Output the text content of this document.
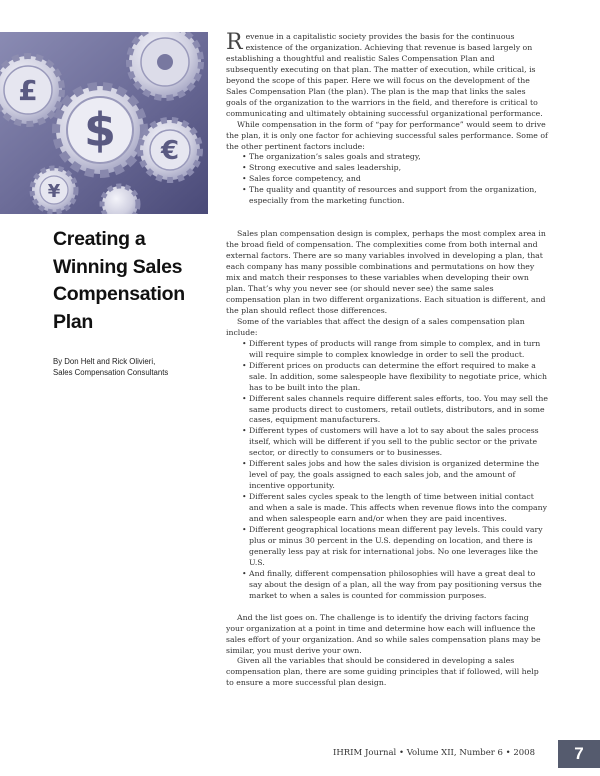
£
$ €
¥
Creating a
Winning Sales
Compensation
Plan
By Don Helt and Rick Olivieri,
Sales Compensation Consultants

Revenue in a capitalistic society provides the basis for the continuous existence of the organization. Achieving that revenue is based largely on establishing a thoughtful and realistic Sales Compensation Plan and subsequently executing on that plan. The matter of execution, while critical, is beyond the scope of this paper. Here we will focus on the development of the Sales Compensation Plan (the plan). The plan is the map that links the sales goals of the organization to the warriors in the field, and therefore is critical to communicating and ultimately obtaining successful organizational performance.

While compensation in the form of “pay for performance” would seem to drive the plan, it is only one factor for achieving successful sales performance. Some of the other pertinent factors include:

• The organization’s sales goals and strategy,
• Strong executive and sales leadership,
• Sales force competency, and
• The quality and quantity of resources and support from the organization, especially from the marketing function.

Sales plan compensation design is complex, perhaps the most complex area in the broad field of compensation. The complexities come from both internal and external factors. There are so many variables involved in developing a plan, that each company has many possible combinations and permutations on how they mix and match their responses to these variables when developing their own plan. That’s why you never see (or should never see) the same sales compensation plan in two different organizations. Each situation is different, and the plan should reflect those differences.

Some of the variables that affect the design of a sales compensation plan include:

• Different types of products will range from simple to complex, and in turn will require simple to complex knowledge in order to sell the product.
• Different prices on products can determine the effort required to make a sale. In addition, some salespeople have flexibility to negotiate price, which has to be built into the plan.
• Different sales channels require different sales efforts, too. You may sell the same products direct to customers, retail outlets, distributors, and in some cases, equipment manufacturers.
• Different types of customers will have a lot to say about the sales process itself, which will be different if you sell to the public sector or the private sector, or directly to consumers or to businesses.
• Different sales jobs and how the sales division is organized determine the level of pay, the goals assigned to each sales job, and the amount of incentive opportunity.
• Different sales cycles speak to the length of time between initial contact and when a sale is made. This affects when revenue flows into the company and when salespeople earn and/or when they are paid incentives.
• Different geographical locations mean different pay levels. This could vary plus or minus 30 percent in the U.S. depending on location, and there is generally less pay at risk for international jobs. No one leverages like the U.S.
• And finally, different compensation philosophies will have a great deal to say about the design of a plan, all the way from pay positioning versus the market to when a sales is counted for commission purposes.

And the list goes on. The challenge is to identify the driving factors facing your organization at a point in time and determine how each will influence the sales effort of your organization. And so while sales compensation plans may be similar, you must derive your own.

Given all the variables that should be considered in developing a sales compensation plan, there are some guiding principles that if followed, will help to ensure a more successful plan design.

IHRIM Journal • Volume XII, Number 6 • 2008	7
